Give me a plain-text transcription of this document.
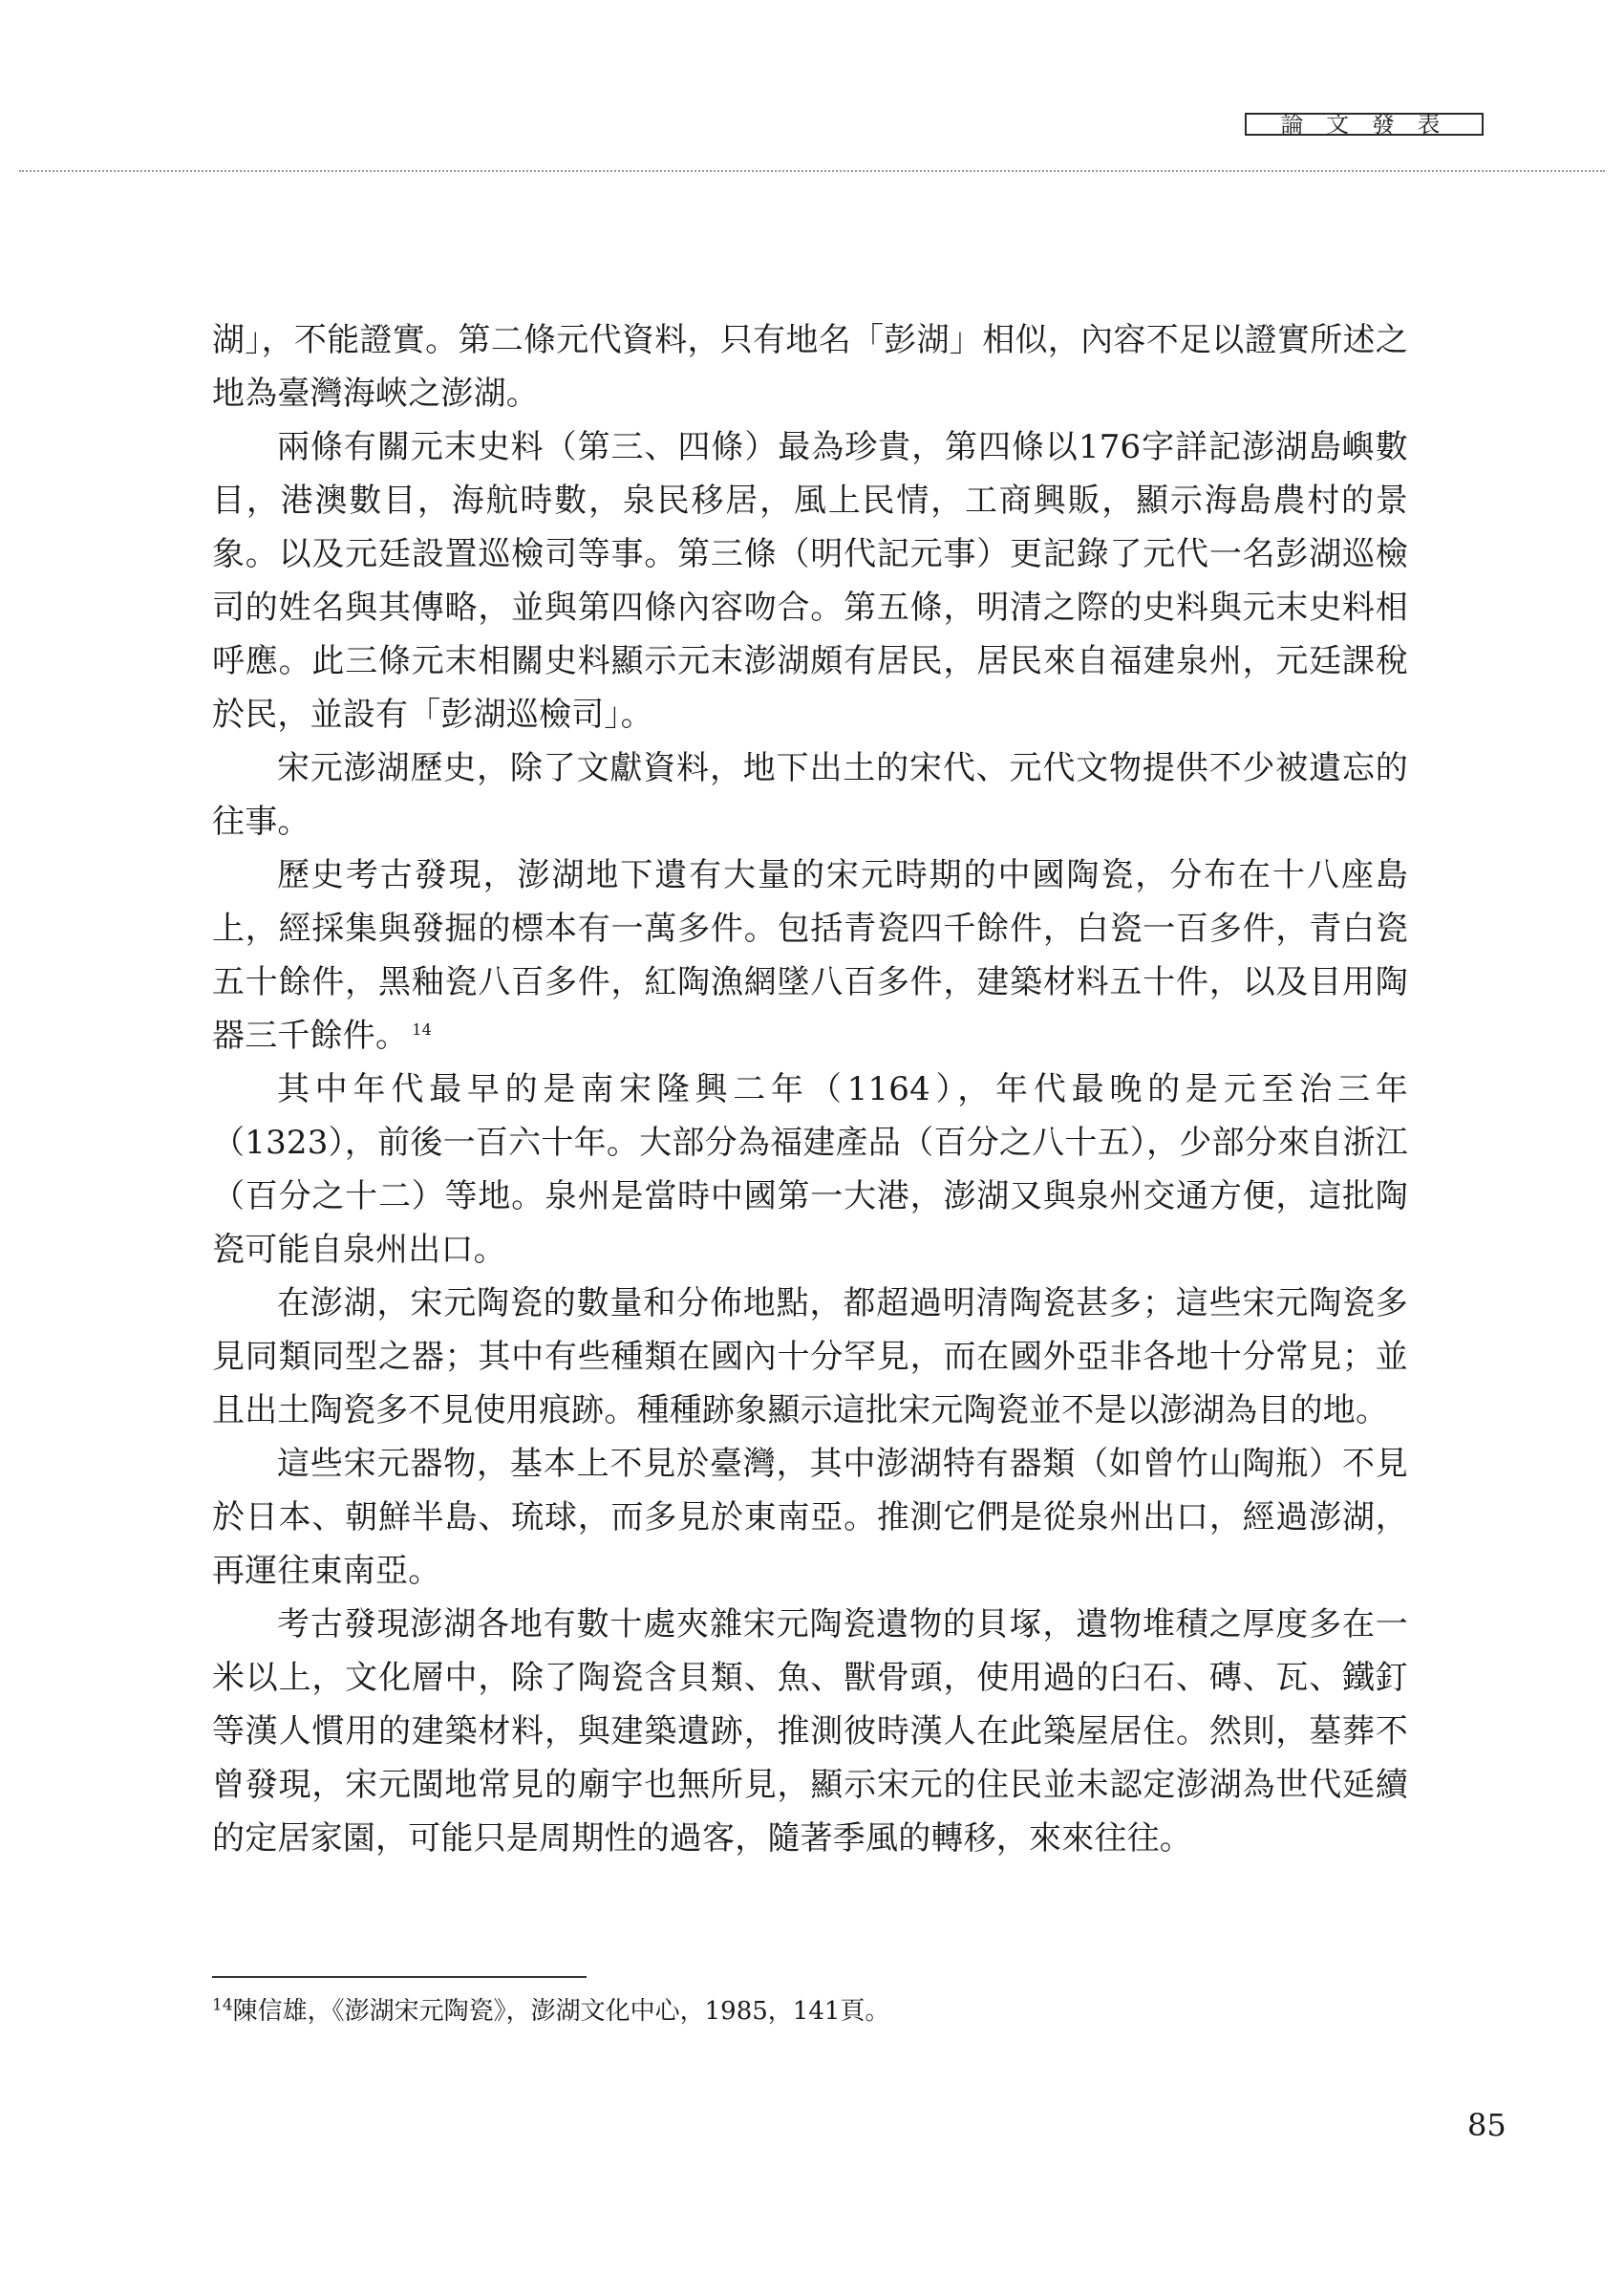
論 文 發 表

湖」，不能證實。第二條元代資料，只有地名「彭湖」相似，內容不足以證實所述之地為臺灣海峽之澎湖。

兩條有關元末史料（第三、四條）最為珍貴，第四條以176字詳記澎湖島嶼數目，港澳數目，海航時數，泉民移居，風上民情，工商興販，顯示海島農村的景象。以及元廷設置巡檢司等事。第三條（明代記元事）更記錄了元代一名彭湖巡檢司的姓名與其傳略，並與第四條內容吻合。第五條，明清之際的史料與元末史料相呼應。此三條元末相關史料顯示元末澎湖頗有居民，居民來自福建泉州，元廷課稅於民，並設有「彭湖巡檢司」。

宋元澎湖歷史，除了文獻資料，地下出土的宋代、元代文物提供不少被遺忘的往事。

歷史考古發現，澎湖地下遺有大量的宋元時期的中國陶瓷，分布在十八座島上，經採集與發掘的標本有一萬多件。包括青瓷四千餘件，白瓷一百多件，青白瓷五十餘件，黑釉瓷八百多件，紅陶漁網墜八百多件，建築材料五十件，以及目用陶器三千餘件。 $^{14}$

其中年代最早的是南宋隆興二年（1164），年代最晚的是元至治三年（1323），前後一百六十年。大部分為福建產品（百分之八十五），少部分來自浙江（百分之十二）等地。泉州是當時中國第一大港，澎湖又與泉州交通方便，這批陶瓷可能自泉州出口。

在澎湖，宋元陶瓷的數量和分佈地點，都超過明清陶瓷甚多；這些宋元陶瓷多見同類同型之器；其中有些種類在國內十分罕見，而在國外亞非各地十分常見；並且出土陶瓷多不見使用痕跡。種種跡象顯示這批宋元陶瓷並不是以澎湖為目的地。

這些宋元器物，基本上不見於臺灣，其中澎湖特有器類（如曾竹山陶瓶）不見於日本、朝鮮半島、琉球，而多見於東南亞。推測它們是從泉州出口，經過澎湖，再運往東南亞。

考古發現澎湖各地有數十處夾雜宋元陶瓷遺物的貝塚，遺物堆積之厚度多在一米以上，文化層中，除了陶瓷含貝類、魚、獸骨頭，使用過的臼石、磚、瓦、鐵釘等漢人慣用的建築材料，與建築遺跡，推測彼時漢人在此築屋居住。然則，墓葬不曾發現，宋元閩地常見的廟宇也無所見，顯示宋元的住民並未認定澎湖為世代延續的定居家園，可能只是周期性的過客，隨著季風的轉移，來來往往。

$^{14}$陳信雄，《澎湖宋元陶瓷》，澎湖文化中心，1985，141頁。
85
